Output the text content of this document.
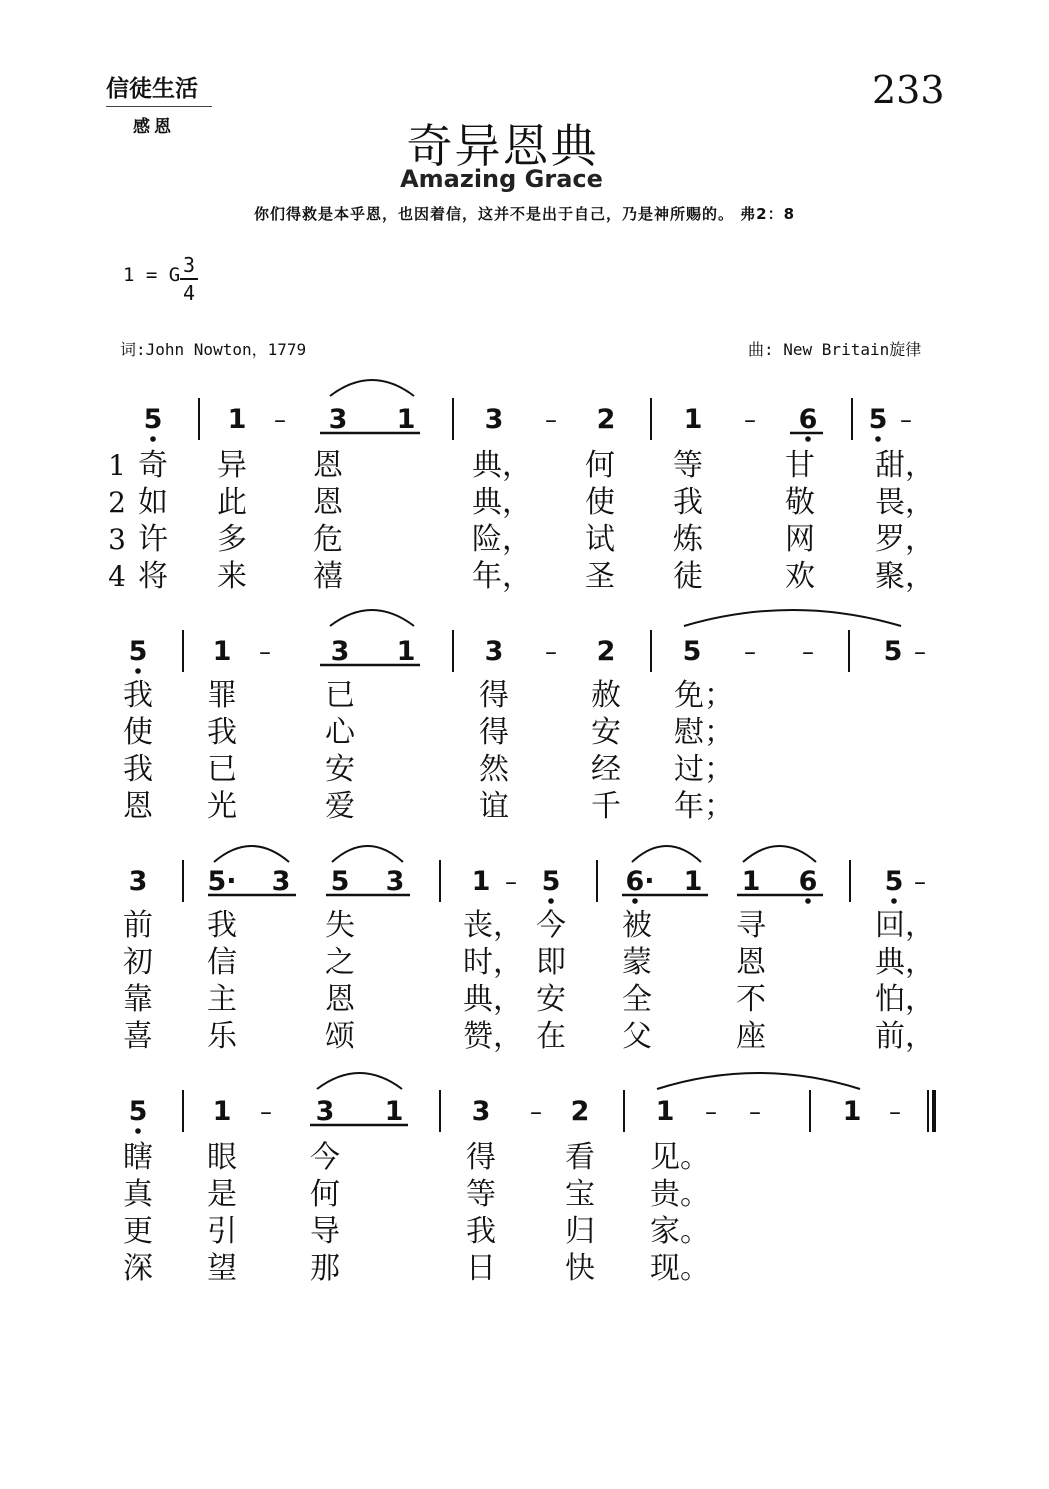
信徒生活
感恩
233
奇异恩典
Amazing Grace
你们得救是本乎恩，也因着信，这并不是出于自己，乃是神所赐的。 弗2：8
1 = G 3
4
词:John Nowton，1779	曲: New Britain旋律
5 1 – 3 1	3 – 2	1 – 6 5 –
1
2
3
4
奇 异 恩	典， 何 等	甘 甜，
如 此 恩	典， 使 我	敬 畏，
许 多 危	险， 试 炼	网 罗，
将 来 禧	年， 圣 徒	欢 聚，
5 1 – 3 1	3 – 2 5 – –	5 –
我 罪	已	得	赦 免；
使 我	心	得	安 慰；
我 已	安	然	经 过；
恩 光	爱	谊	千 年；
3 5· 3 5 3 1 – 5 6· 1 1 6 5 –
前 我	失	丧， 今 被	寻	回，
初 信	之	时， 即 蒙	恩	典，
靠 主	恩	典， 安 全	不	怕，
喜 乐	颂	赞， 在 父	座	前，
5 1 – 3 1	3 – 2 1 – –	1 –
瞎 眼 今	得 看 见。
真 是 何	等 宝 贵。
更 引 导	我 归 家。
深 望 那	日 快 现。
